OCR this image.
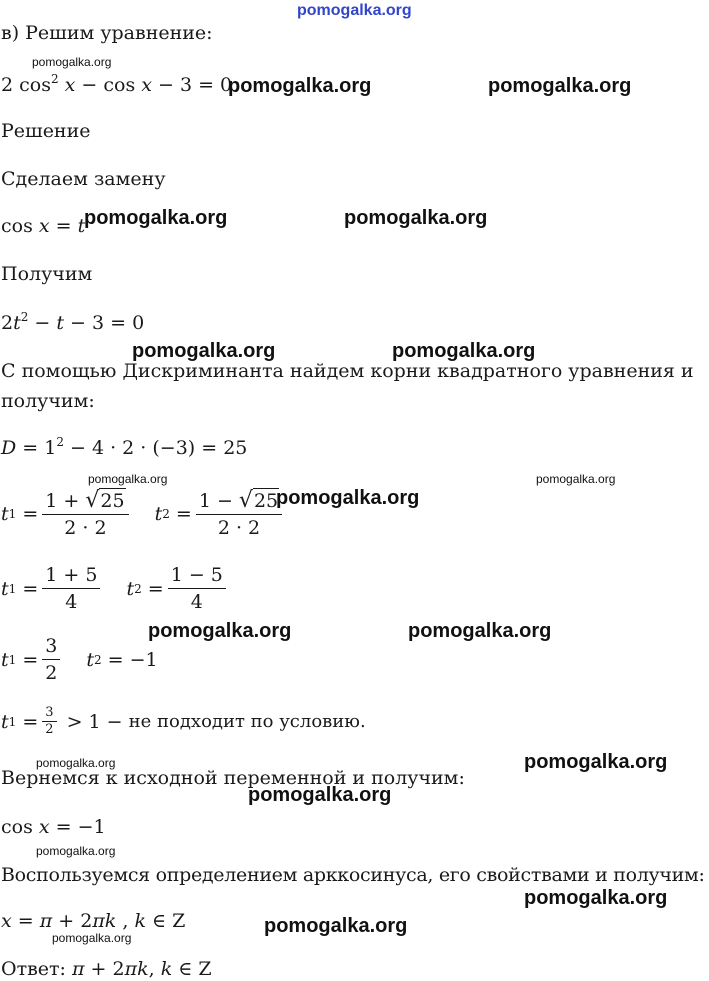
pomogalka.org
в) Решим уравнение:
pomogalka.org
2 $\cos^2 x - \cos x - 3 = 0$
pomogalka.org	pomogalka.org
Решение
Сделаем замену
cos x = t
pomogalka.org	pomogalka.org
Получим
$2t^2 - t - 3 = 0$
pomogalka.org	pomogalka.org
С помощью Дискриминанта найдем корни квадратного уравнения и
получим:
$D = 1^2 - 4 \cdot 2 \cdot (-3) = 25$
pomogalka.org	pomogalka.org
t $1 = \frac{1 + √ 25}{2 \cdot 2}$ t $2 = \frac{1 - √ 25}{2 \cdot 2}$
pomogalka.org
t $1 = \frac{1 + 5}{4}$ t $2 = \frac{1 - 5}{4}$
pomogalka.org	pomogalka.org
t $1 = \frac{3}{2}$ t 2 = −1
t $1 = \frac{3}{2} > 1$ − не подходит по условию.
pomogalka.org	pomogalka.org
Вернемся к исходной переменной и получим:
pomogalka.org
cos x = −1
pomogalka.org
Воспользуемся определением арккосинуса, его свойствами и получим:
pomogalka.org
x = π + 2πk , k ∈ Z
pomogalka.org
pomogalka.org
Ответ:
π + 2πk, k ∈ Z
